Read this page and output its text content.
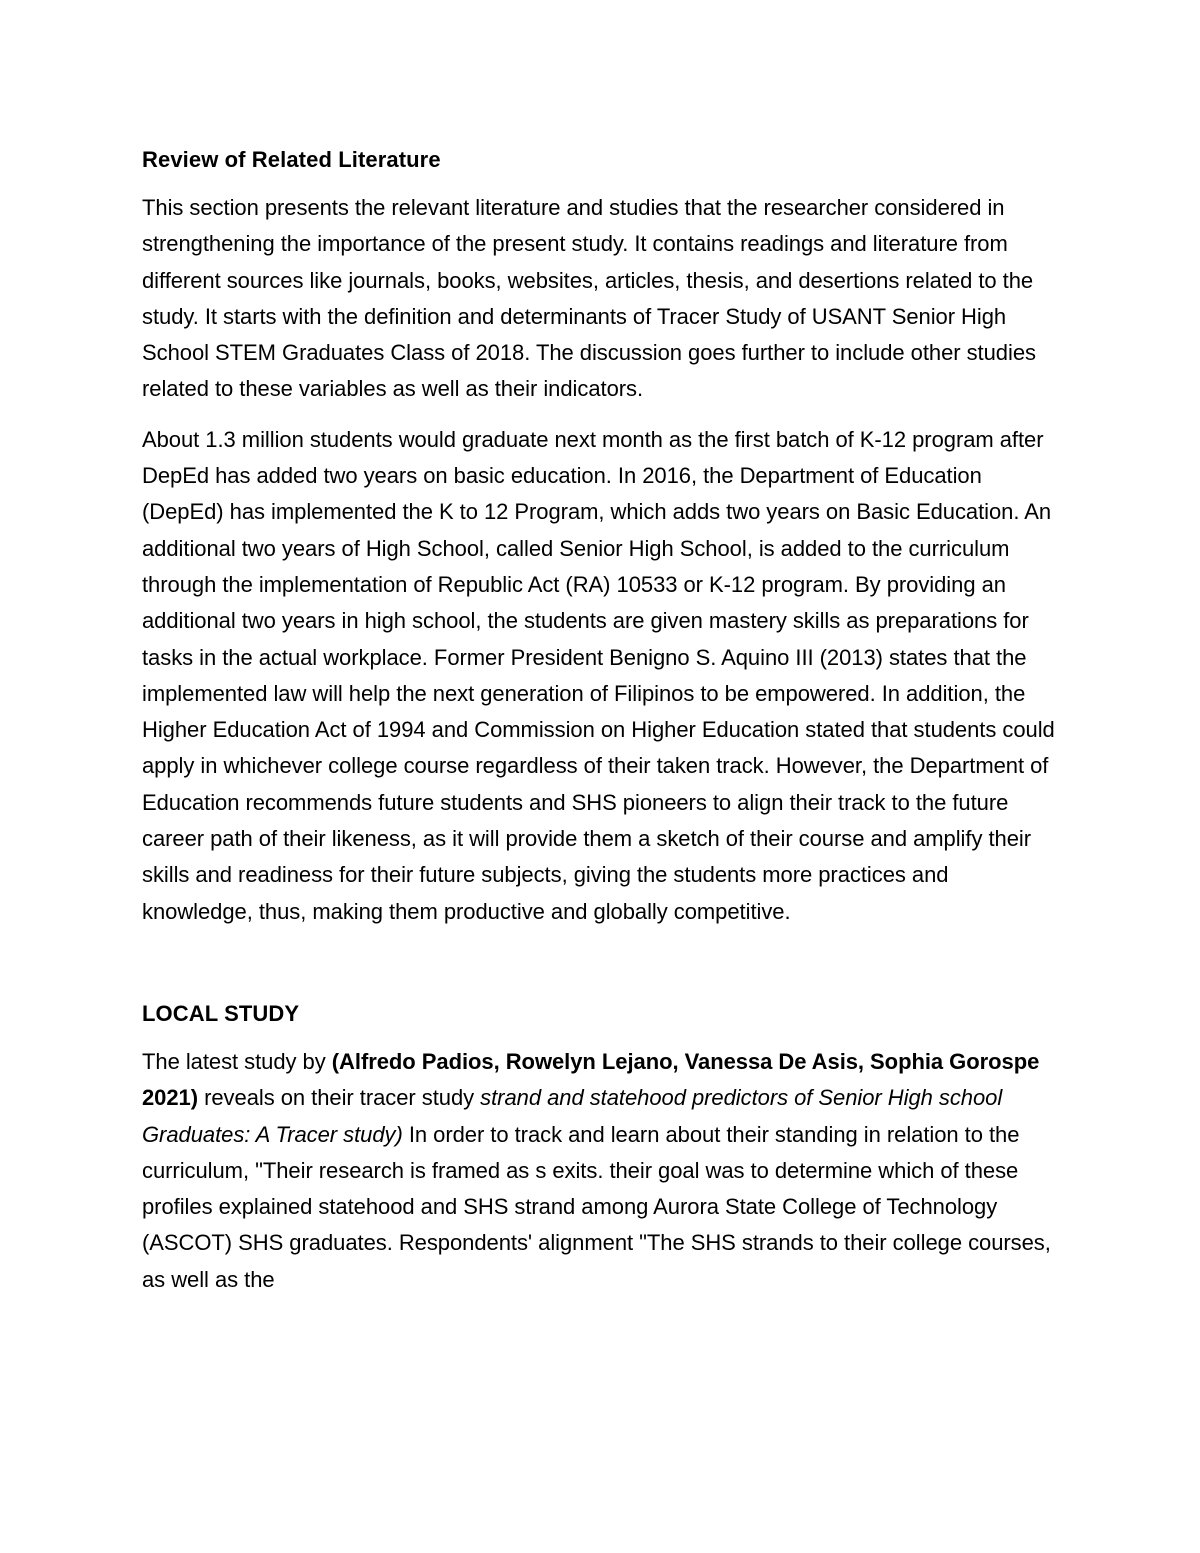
Review of Related Literature

This section presents the relevant literature and studies that the researcher considered in strengthening the importance of the present study. It contains readings and literature from different sources like journals, books, websites, articles, thesis, and desertions related to the study. It starts with the definition and determinants of Tracer Study of USANT Senior High School STEM Graduates Class of 2018. The discussion goes further to include other studies related to these variables as well as their indicators.

About 1.3 million students would graduate next month as the first batch of K-12 program after DepEd has added two years on basic education. In 2016, the Department of Education (DepEd) has implemented the K to 12 Program, which adds two years on Basic Education. An additional two years of High School, called Senior High School, is added to the curriculum through the implementation of Republic Act (RA) 10533 or K-12 program. By providing an additional two years in high school, the students are given mastery skills as preparations for tasks in the actual workplace. Former President Benigno S. Aquino III (2013) states that the implemented law will help the next generation of Filipinos to be empowered. In addition, the Higher Education Act of 1994 and Commission on Higher Education stated that students could apply in whichever college course regardless of their taken track. However, the Department of Education recommends future students and SHS pioneers to align their track to the future career path of their likeness, as it will provide them a sketch of their course and amplify their skills and readiness for their future subjects, giving the students more practices and knowledge, thus, making them productive and globally competitive.

LOCAL STUDY

The latest study by (Alfredo Padios, Rowelyn Lejano, Vanessa De Asis, Sophia Gorospe 2021) reveals on their tracer study strand and statehood predictors of Senior High school Graduates: A Tracer study) In order to track and learn about their standing in relation to the curriculum, "Their research is framed as s exits. their goal was to determine which of these profiles explained statehood and SHS strand among Aurora State College of Technology (ASCOT) SHS graduates. Respondents' alignment "The SHS strands to their college courses, as well as the
